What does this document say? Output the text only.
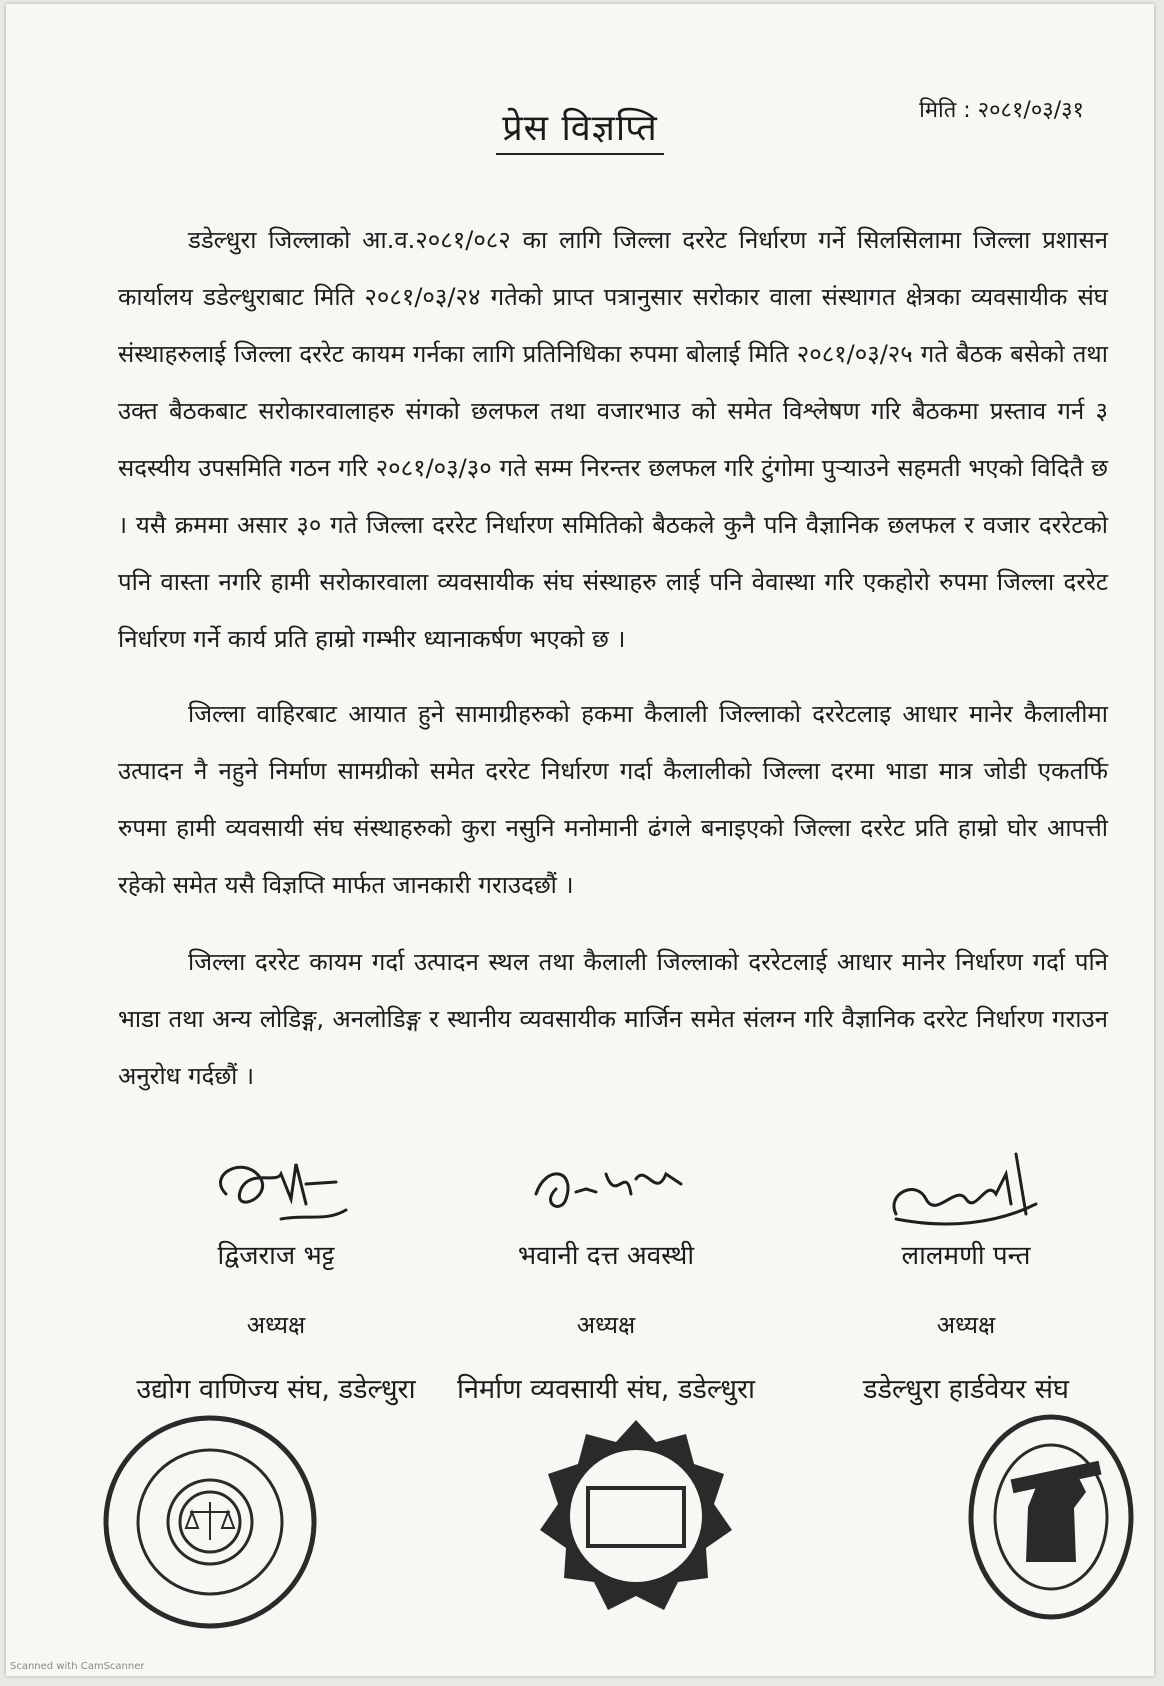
मिति : २०८१/०३/३१
प्रेस विज्ञप्ति

डडेल्धुरा जिल्लाको आ.व.२०८१/०८२ का लागि जिल्ला दररेट निर्धारण गर्ने सिलसिलामा जिल्ला प्रशासन कार्यालय डडेल्धुराबाट मिति २०८१/०३/२४ गतेको प्राप्त पत्रानुसार सरोकार वाला संस्थागत क्षेत्रका व्यवसायीक संघ संस्थाहरुलाई जिल्ला दररेट कायम गर्नका लागि प्रतिनिधिका रुपमा बोलाई मिति २०८१/०३/२५ गते बैठक बसेको तथा उक्त बैठकबाट सरोकारवालाहरु संगको छलफल तथा वजारभाउ को समेत विश्लेषण गरि बैठकमा प्रस्ताव गर्न ३ सदस्यीय उपसमिति गठन गरि २०८१/०३/३० गते सम्म निरन्तर छलफल गरि टुंगोमा पुऱ्याउने सहमती भएको विदितै छ । यसै क्रममा असार ३० गते जिल्ला दररेट निर्धारण समितिको बैठकले कुनै पनि वैज्ञानिक छलफल र वजार दररेटको पनि वास्ता नगरि हामी सरोकारवाला व्यवसायीक संघ संस्थाहरु लाई पनि वेवास्था गरि एकहोरो रुपमा जिल्ला दररेट निर्धारण गर्ने कार्य प्रति हाम्रो गम्भीर ध्यानाकर्षण भएको छ ।

जिल्ला वाहिरबाट आयात हुने सामाग्रीहरुको हकमा कैलाली जिल्लाको दररेटलाइ आधार मानेर कैलालीमा उत्पादन नै नहुने निर्माण सामग्रीको समेत दररेट निर्धारण गर्दा कैलालीको जिल्ला दरमा भाडा मात्र जोडी एकतर्फि रुपमा हामी व्यवसायी संघ संस्थाहरुको कुरा नसुनि मनोमानी ढंगले बनाइएको जिल्ला दररेट प्रति हाम्रो घोर आपत्ती रहेको समेत यसै विज्ञप्ति मार्फत जानकारी गराउदछौं ।

जिल्ला दररेट कायम गर्दा उत्पादन स्थल तथा कैलाली जिल्लाको दररेटलाई आधार मानेर निर्धारण गर्दा पनि भाडा तथा अन्य लोडिङ्ग, अनलोडिङ्ग र स्थानीय व्यवसायीक मार्जिन समेत संलग्न गरि वैज्ञानिक दररेट निर्धारण गराउन अनुरोध गर्दछौं ।

द्विजराज भट्ट
अध्यक्ष
उद्योग वाणिज्य संघ, डडेल्धुरा
भवानी दत्त अवस्थी
अध्यक्ष
निर्माण व्यवसायी संघ, डडेल्धुरा
लालमणी पन्त
अध्यक्ष
डडेल्धुरा हार्डवेयर संघ
Scanned with CamScanner
